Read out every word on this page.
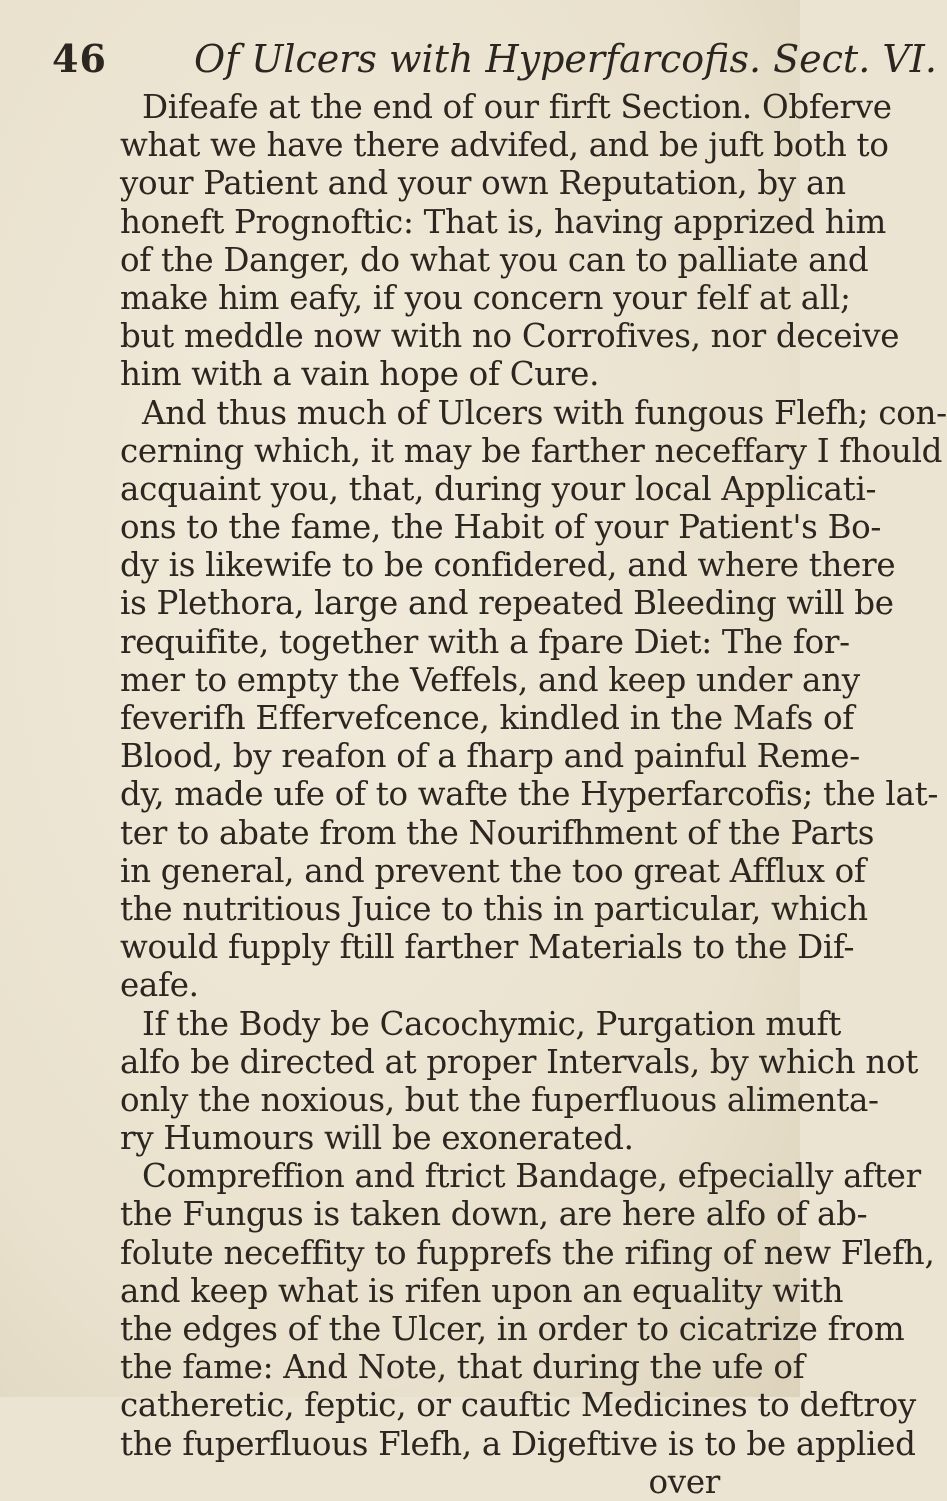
46 Of Ulcers with Hyperfarcofis. Sect. VI.
Difeafe at the end of our firft Section. Obferve
what we have there advifed, and be juft both to
your Patient and your own Reputation, by an
honeft Prognoftic: That is, having apprized him
of the Danger, do what you can to palliate and
make him eafy, if you concern your felf at all;
but meddle now with no Corrofives, nor deceive
him with a vain hope of Cure.
And thus much of Ulcers with fungous Flefh; con-
cerning which, it may be farther neceffary I fhould
acquaint you, that, during your local Applicati-
ons to the fame, the Habit of your Patient's Bo-
dy is likewife to be confidered, and where there
is Plethora, large and repeated Bleeding will be
requifite, together with a fpare Diet: The for-
mer to empty the Veffels, and keep under any
feverifh Effervefcence, kindled in the Mafs of
Blood, by reafon of a fharp and painful Reme-
dy, made ufe of to wafte the Hyperfarcofis; the lat-
ter to abate from the Nourifhment of the Parts
in general, and prevent the too great Afflux of
the nutritious Juice to this in particular, which
would fupply ftill farther Materials to the Dif-
eafe.
If the Body be Cacochymic, Purgation muft
alfo be directed at proper Intervals, by which not
only the noxious, but the fuperfluous alimenta-
ry Humours will be exonerated.
Compreffion and ftrict Bandage, efpecially after
the Fungus is taken down, are here alfo of ab-
folute neceffity to fupprefs the rifing of new Flefh,
and keep what is rifen upon an equality with
the edges of the Ulcer, in order to cicatrize from
the fame: And Note, that during the ufe of
catheretic, feptic, or cauftic Medicines to deftroy
the fuperfluous Flefh, a Digeftive is to be applied
over
